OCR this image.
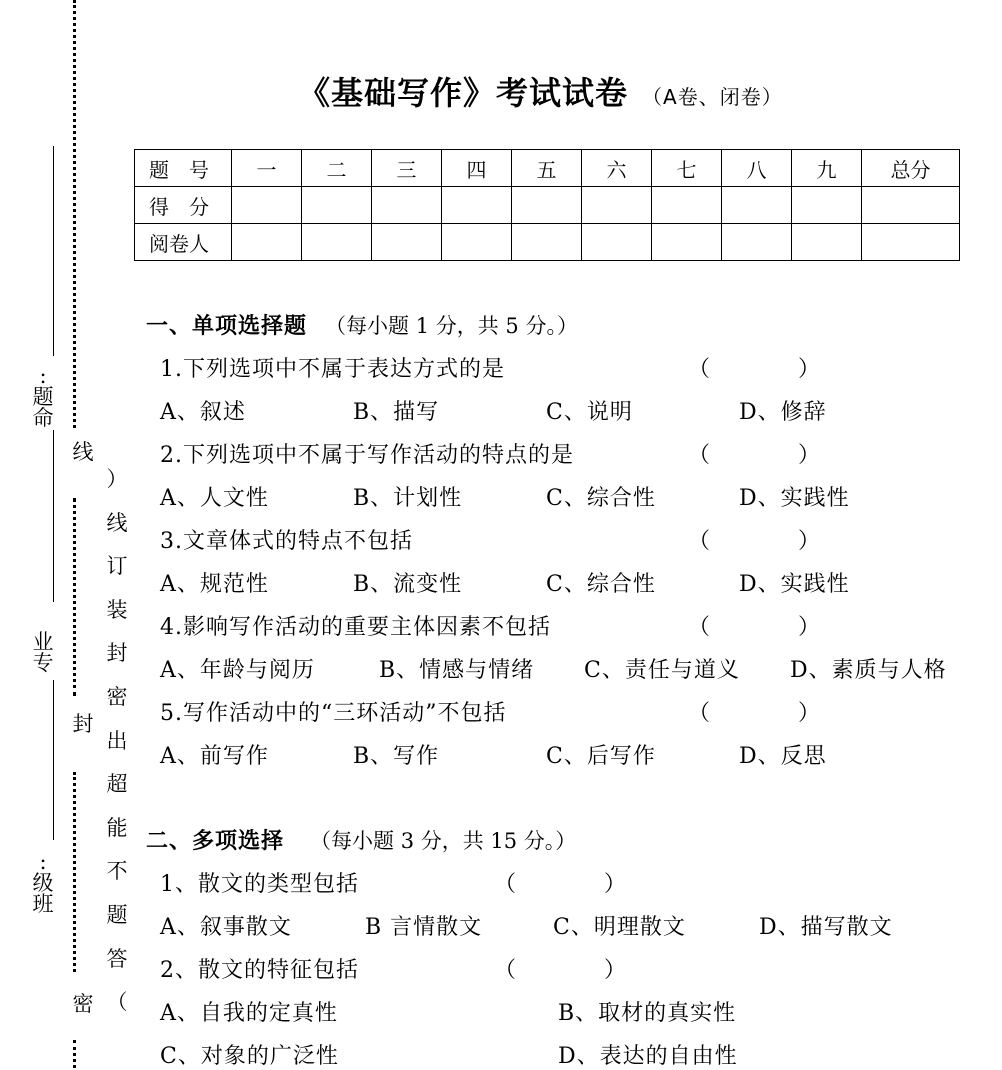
:
题
命
业
专
:
级
班
线
封
密
）
线
订
装
封
密
出
超
能
不
题
答
（
《基础写作》考试试卷 （A卷、闭卷）
题　号	一	二	三	四	五	六	七	八	九	总分
得　分										
阅卷人										
一、单项选择题 （每小题 1 分，共 5 分。）
1.下列选项中不属于表达方式的是	（　　　　）
A、叙述	B、描写	C、说明	D、修辞
2.下列选项中不属于写作活动的特点的是	（　　　　）
A、人文性	B、计划性	C、综合性	D、实践性
3.文章体式的特点不包括	（　　　　）
A、规范性	B、流变性	C、综合性	D、实践性
4.影响写作活动的重要主体因素不包括	（　　　　）
A、年龄与阅历	B、情感与情绪 C、责任与道义 D、素质与人格
5.写作活动中的“三环活动”不包括	（　　　　）
A、前写作	B、写作	C、后写作	D、反思
二、多项选择 （每小题 3 分，共 15 分。）
1、散文的类型包括	（　　　　）
A、叙事散文	B 言情散文	C、明理散文	D、描写散文
2、散文的特征包括	（　　　　）
A、自我的定真性	B、取材的真实性
C、对象的广泛性	D、表达的自由性
